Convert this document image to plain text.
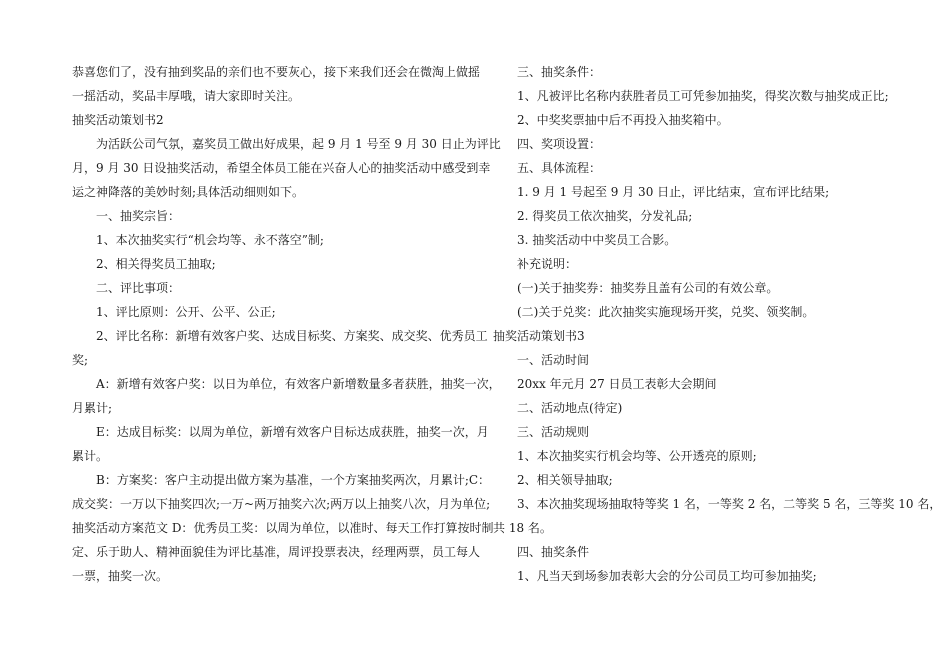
恭喜您们了，没有抽到奖品的亲们也不要灰心，接下来我们还会在微淘上做摇
一摇活动，奖品丰厚哦，请大家即时关注。
抽奖活动策划书2
为活跃公司气氛，嘉奖员工做出好成果，起 9 月 1 号至 9 月 30 日止为评比
月，9 月 30 日设抽奖活动，希望全体员工能在兴奋人心的抽奖活动中感受到幸
运之神降落的美妙时刻;具体活动细则如下。
一、抽奖宗旨：
1、本次抽奖实行“机会均等、永不落空”制;
2、相关得奖员工抽取;
二、评比事项：
1、评比原则：公开、公平、公正;
2、评比名称：新增有效客户奖、达成目标奖、方案奖、成交奖、优秀员工
奖;
A：新增有效客户奖：以日为单位，有效客户新增数量多者获胜，抽奖一次，
月累计;
E：达成目标奖：以周为单位，新增有效客户目标达成获胜，抽奖一次，月
累计。
B：方案奖：客户主动提出做方案为基准，一个方案抽奖两次，月累计;C：
成交奖：一万以下抽奖四次;一万~两万抽奖六次;两万以上抽奖八次，月为单位;
抽奖活动方案范文 D：优秀员工奖：以周为单位，以准时、每天工作打算按时制
定、乐于助人、精神面貌佳为评比基准，周评投票表决，经理两票，员工每人
一票，抽奖一次。
三、抽奖条件：
1、凡被评比名称内获胜者员工可凭参加抽奖，得奖次数与抽奖成正比;
2、中奖奖票抽中后不再投入抽奖箱中。
四、奖项设置：
五、具体流程：
1. 9 月 1 号起至 9 月 30 日止，评比结束，宣布评比结果;
2. 得奖员工依次抽奖，分发礼品;
3. 抽奖活动中中奖员工合影。
补充说明：
(一)关于抽奖券：抽奖券且盖有公司的有效公章。
(二)关于兑奖：此次抽奖实施现场开奖，兑奖、领奖制。
抽奖活动策划书3
一、活动时间
20xx 年元月 27 日员工表彰大会期间
二、活动地点(待定)
三、活动规则
1、本次抽奖实行机会均等、公开透亮的原则;
2、相关领导抽取;
3、本次抽奖现场抽取特等奖 1 名，一等奖 2 名，二等奖 5 名，三等奖 10 名，
共 18 名。
四、抽奖条件
1、凡当天到场参加表彰大会的分公司员工均可参加抽奖;
